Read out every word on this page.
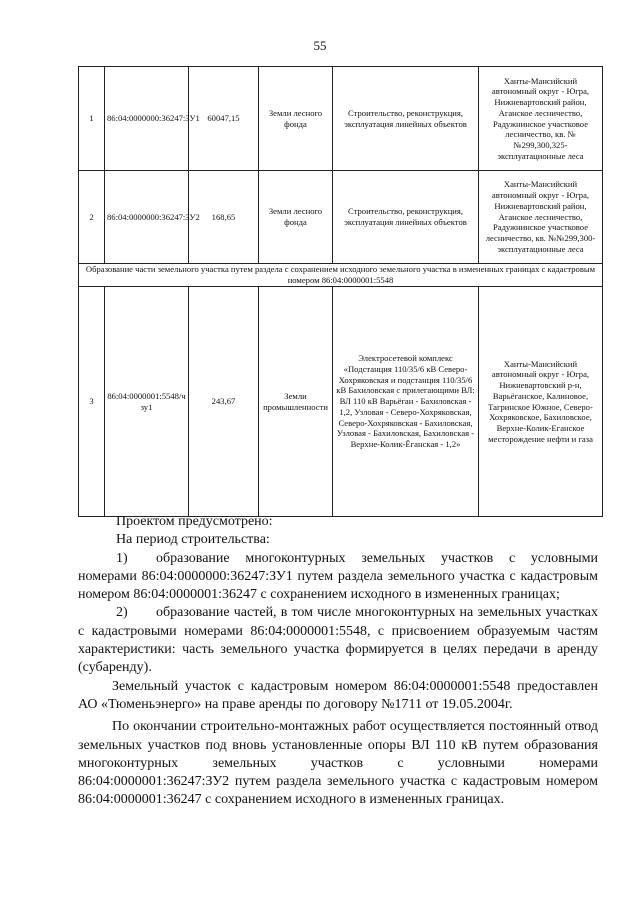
55
1	86:04:0000000:36247:ЗУ1	60047,15	Земли лесного фонда	Строительство, реконструкция, эксплуатация линейных объектов	Ханты-Мансийский автономный округ - Югра, Нижневартовский район, Аганское лесничество, Радужнинское участковое лесничество, кв. №№299,300,325-эксплуатационные леса
2	86:04:0000000:36247:ЗУ2	168,65	Земли лесного фонда	Строительство, реконструкция, эксплуатация линейных объектов	Ханты-Мансийский автономный округ - Югра, Нижневартовский район, Аганское лесничество, Радужнинское участковое лесничество, кв. №№299,300-эксплуатационные леса
Образование части земельного участка путем раздела с сохранением исходного земельного участка в измененных границах с кадастровым номером 86:04:0000001:5548					
3	86:04:0000001:5548/чзу1	243,67	Земли промышленности	Электросетевой комплекс «Подстанция 110/35/6 кВ Северо-Хохряковская и подстанция 110/35/6 кВ Бахиловская с прилегающими ВЛ: ВЛ 110 кВ Варьёган - Бахиловская - 1,2, Узловая - Северо-Хохряковская, Северо-Хохряковская - Бахиловская, Узловая - Бахиловская, Бахиловская - Верхне-Колик-Ёганская - 1,2»	Ханты-Мансийский автономный округ - Югра, Нижневартовский р-н, Варьёганское, Калиновое, Тагринское Южное, Северо-Хохряковское, Бахиловское, Верхне-Колик-Еганское месторождение нефти и газа

Проектом предусмотрено:

На период строительства:

1) образование многоконтурных земельных участков с условными номерами 86:04:0000000:36247:ЗУ1 путем раздела земельного участка с кадастровым номером 86:04:0000001:36247 с сохранением исходного в измененных границах;

2) образование частей, в том числе многоконтурных на земельных участках с кадастровыми номерами 86:04:0000001:5548, с присвоением образуемым частям характеристики: часть земельного участка формируется в целях передачи в аренду (субаренду).

Земельный участок с кадастровым номером 86:04:0000001:5548 предоставлен АО «Тюменьэнерго» на праве аренды по договору №1711 от 19.05.2004г.

По окончании строительно-монтажных работ осуществляется постоянный отвод земельных участков под вновь установленные опоры ВЛ 110 кВ путем образования многоконтурных земельных участков с условными номерами 86:04:0000001:36247:ЗУ2 путем раздела земельного участка с кадастровым номером 86:04:0000001:36247 с сохранением исходного в измененных границах.
